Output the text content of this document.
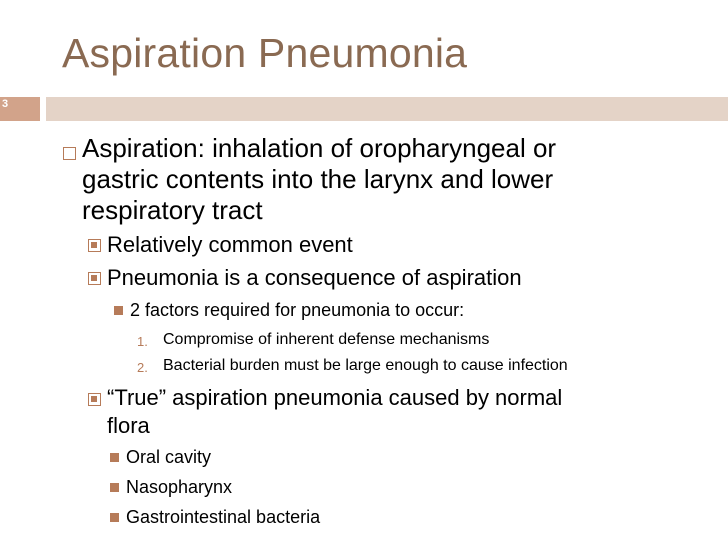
Aspiration Pneumonia
3
Aspiration: inhalation of oropharyngeal or
gastric contents into the larynx and lower
respiratory tract
Relatively common event
Pneumonia is a consequence of aspiration
2 factors required for pneumonia to occur:
1. Compromise of inherent defense mechanisms
2. Bacterial burden must be large enough to cause infection
“True” aspiration pneumonia caused by normal
flora
Oral cavity
Nasopharynx
Gastrointestinal bacteria
